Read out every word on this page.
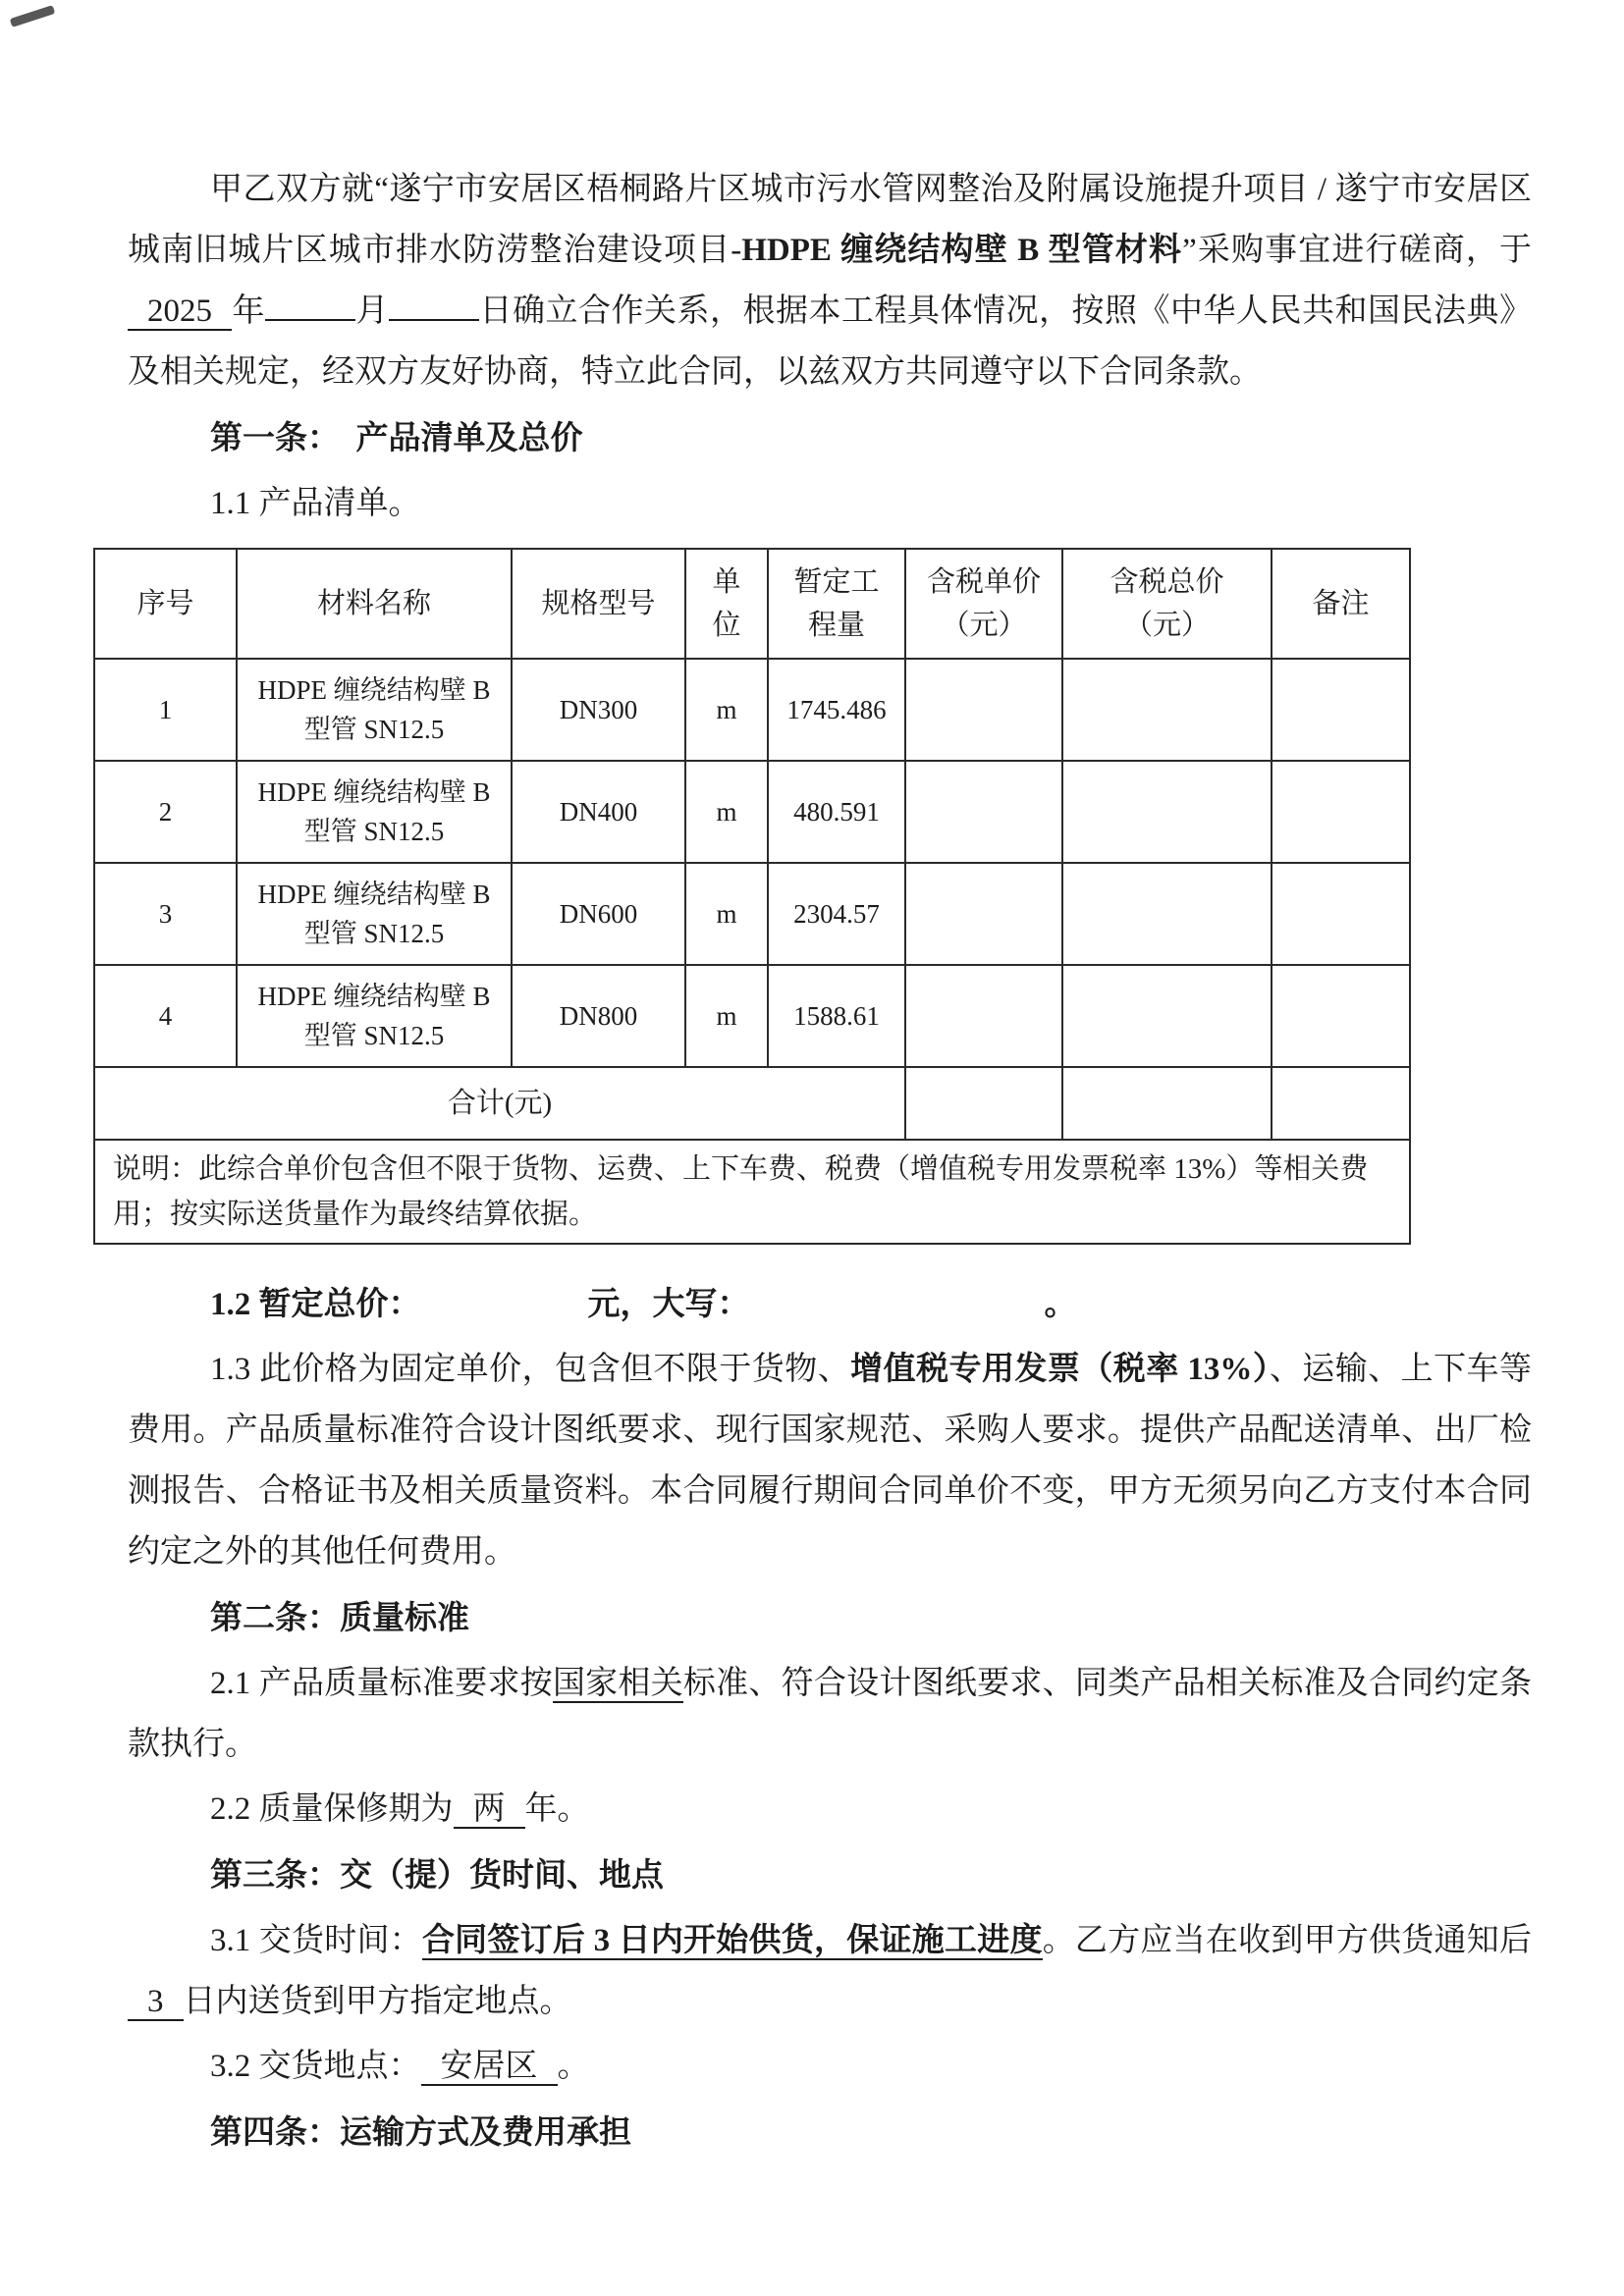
甲乙双方就“遂宁市安居区梧桐路片区城市污水管网整治及附属设施提升项目 / 遂宁市安居区城南旧城片区城市排水防涝整治建设项目-HDPE 缠绕结构壁 B 型管材料”采购事宜进行磋商，于2025 年	月	日确立合作关系，根据本工程具体情况，按照《中华人民共和国民法典》及相关规定，经双方友好协商，特立此合同，以兹双方共同遵守以下合同条款。

第一条：　产品清单及总价

1.1 产品清单。

序号	材料名称	规格型号	单位	暂定工程量	含税单价（元）	含税总价（元）	备注
1	HDPE 缠绕结构壁 B 型管 SN12.5	DN300	m	1745.486			
2	HDPE 缠绕结构壁 B 型管 SN12.5	DN400	m	480.591			
3	HDPE 缠绕结构壁 B 型管 SN12.5	DN600	m	2304.57			
4	HDPE 缠绕结构壁 B 型管 SN12.5	DN800	m	1588.61			
合计(元)							
说明：此综合单价包含但不限于货物、运费、上下车费、税费（增值税专用发票税率 13%）等相关费用；按实际送货量作为最终结算依据。							

1.2 暂定总价：	元，大写：	。

1.3 此价格为固定单价，包含但不限于货物、增值税专用发票（税率 13%）、运输、上下车等费用。产品质量标准符合设计图纸要求、现行国家规范、采购人要求。提供产品配送清单、出厂检测报告、合格证书及相关质量资料。本合同履行期间合同单价不变，甲方无须另向乙方支付本合同约定之外的其他任何费用。

第二条：质量标准

2.1 产品质量标准要求按国家相关标准、符合设计图纸要求、同类产品相关标准及合同约定条款执行。

2.2 质量保修期为 两 年。

第三条：交（提）货时间、地点

3.1 交货时间：合同签订后 3 日内开始供货，保证施工进度。乙方应当在收到甲方供货通知后3 日内送货到甲方指定地点。

3.2 交货地点： 安居区 。

第四条：运输方式及费用承担
